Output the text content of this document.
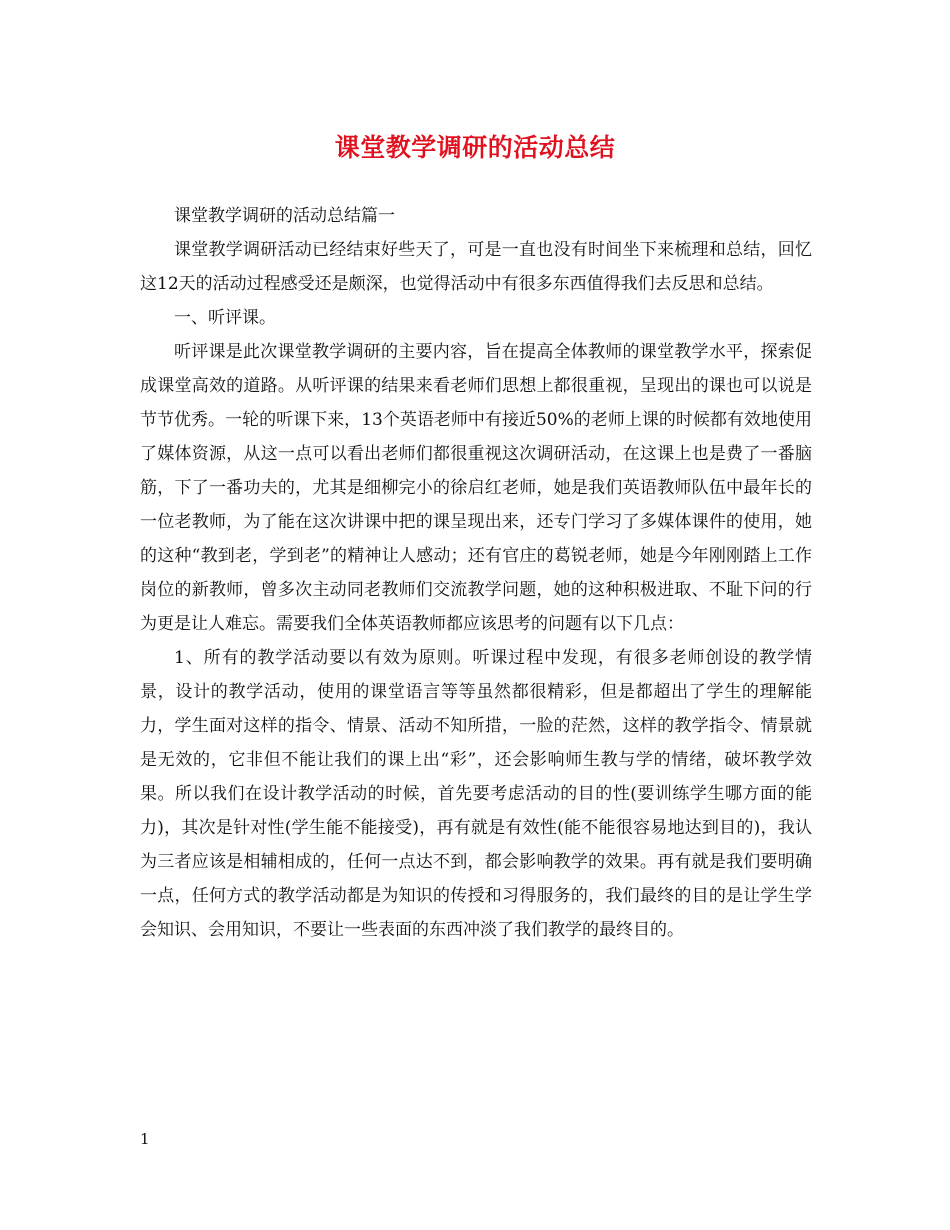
课堂教学调研的活动总结

课堂教学调研的活动总结篇一

课堂教学调研活动已经结束好些天了，可是一直也没有时间坐下来梳理和总结，回忆这12天的活动过程感受还是颇深，也觉得活动中有很多东西值得我们去反思和总结。

一、听评课。

听评课是此次课堂教学调研的主要内容，旨在提高全体教师的课堂教学水平，探索促成课堂高效的道路。从听评课的结果来看老师们思想上都很重视，呈现出的课也可以说是节节优秀。一轮的听课下来，13个英语老师中有接近50%的老师上课的时候都有效地使用了媒体资源，从这一点可以看出老师们都很重视这次调研活动，在这课上也是费了一番脑筋，下了一番功夫的，尤其是细柳完小的徐启红老师，她是我们英语教师队伍中最年长的一位老教师，为了能在这次讲课中把的课呈现出来，还专门学习了多媒体课件的使用，她的这种“教到老，学到老”的精神让人感动；还有官庄的葛锐老师，她是今年刚刚踏上工作岗位的新教师，曾多次主动同老教师们交流教学问题，她的这种积极进取、不耻下问的行为更是让人难忘。需要我们全体英语教师都应该思考的问题有以下几点：

1、所有的教学活动要以有效为原则。听课过程中发现，有很多老师创设的教学情景，设计的教学活动，使用的课堂语言等等虽然都很精彩，但是都超出了学生的理解能力，学生面对这样的指令、情景、活动不知所措，一脸的茫然，这样的教学指令、情景就是无效的，它非但不能让我们的课上出“彩”，还会影响师生教与学的情绪，破坏教学效果。所以我们在设计教学活动的时候，首先要考虑活动的目的性(要训练学生哪方面的能力)，其次是针对性(学生能不能接受)，再有就是有效性(能不能很容易地达到目的)，我认为三者应该是相辅相成的，任何一点达不到，都会影响教学的效果。再有就是我们要明确一点，任何方式的教学活动都是为知识的传授和习得服务的，我们最终的目的是让学生学会知识、会用知识，不要让一些表面的东西冲淡了我们教学的最终目的。

1
